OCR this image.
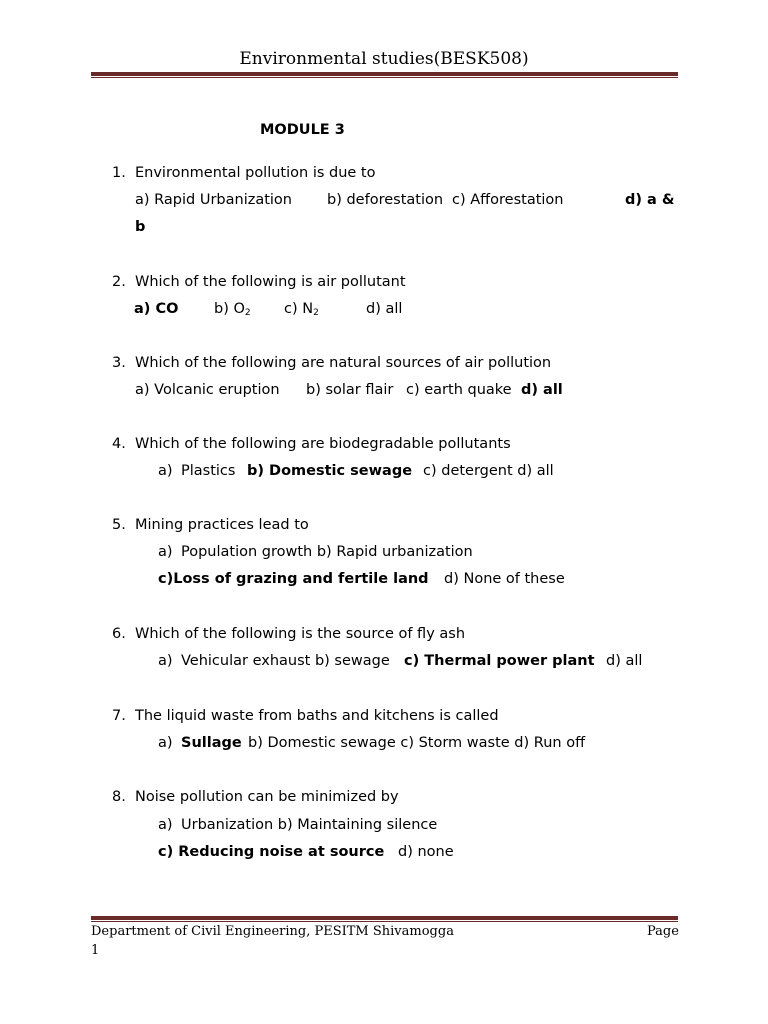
Environmental studies(BESK508)
MODULE 3
1. Environmental pollution is due to
a) Rapid Urbanization b) deforestation c) Afforestation	d) a &
b
2. Which of the following is air pollutant
a) CO b) $O_2$ c) $N_2$	d) all
3. Which of the following are natural sources of air pollution
a) Volcanic eruption b) solar flair c) earth quake d) all
4. Which of the following are biodegradable pollutants
a) Plastics b) Domestic sewage c) detergent d) all
5. Mining practices lead to
a) Population growth b) Rapid urbanization
c)Loss of grazing and fertile land d) None of these
6. Which of the following is the source of fly ash
a) Vehicular exhaust b) sewage c) Thermal power plant d) all
7. The liquid waste from baths and kitchens is called
a) Sullage b) Domestic sewage c) Storm waste d) Run off
8. Noise pollution can be minimized by
a) Urbanization b) Maintaining silence
c) Reducing noise at source d) none
Department of Civil Engineering, PESITM Shivamogga	Page
1
